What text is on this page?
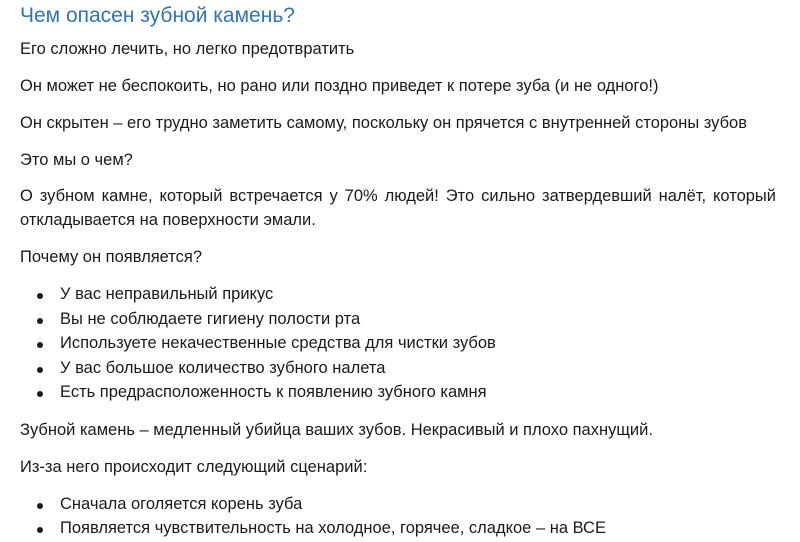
Чем опасен зубной камень?

Его сложно лечить, но легко предотвратить

Он может не беспокоить, но рано или поздно приведет к потере зуба (и не одного!)

Он скрытен – его трудно заметить самому, поскольку он прячется с внутренней стороны зубов

Это мы о чем?

О зубном камне, который встречается у 70% людей! Это сильно затвердевший налёт, который откладывается на поверхности эмали.

Почему он появляется?

У вас неправильный прикус
Вы не соблюдаете гигиену полости рта
Используете некачественные средства для чистки зубов
У вас большое количество зубного налета
Есть предрасположенность к появлению зубного камня

Зубной камень – медленный убийца ваших зубов. Некрасивый и плохо пахнущий.

Из-за него происходит следующий сценарий:

Сначала оголяется корень зуба
Появляется чувствительность на холодное, горячее, сладкое – на ВСЕ
